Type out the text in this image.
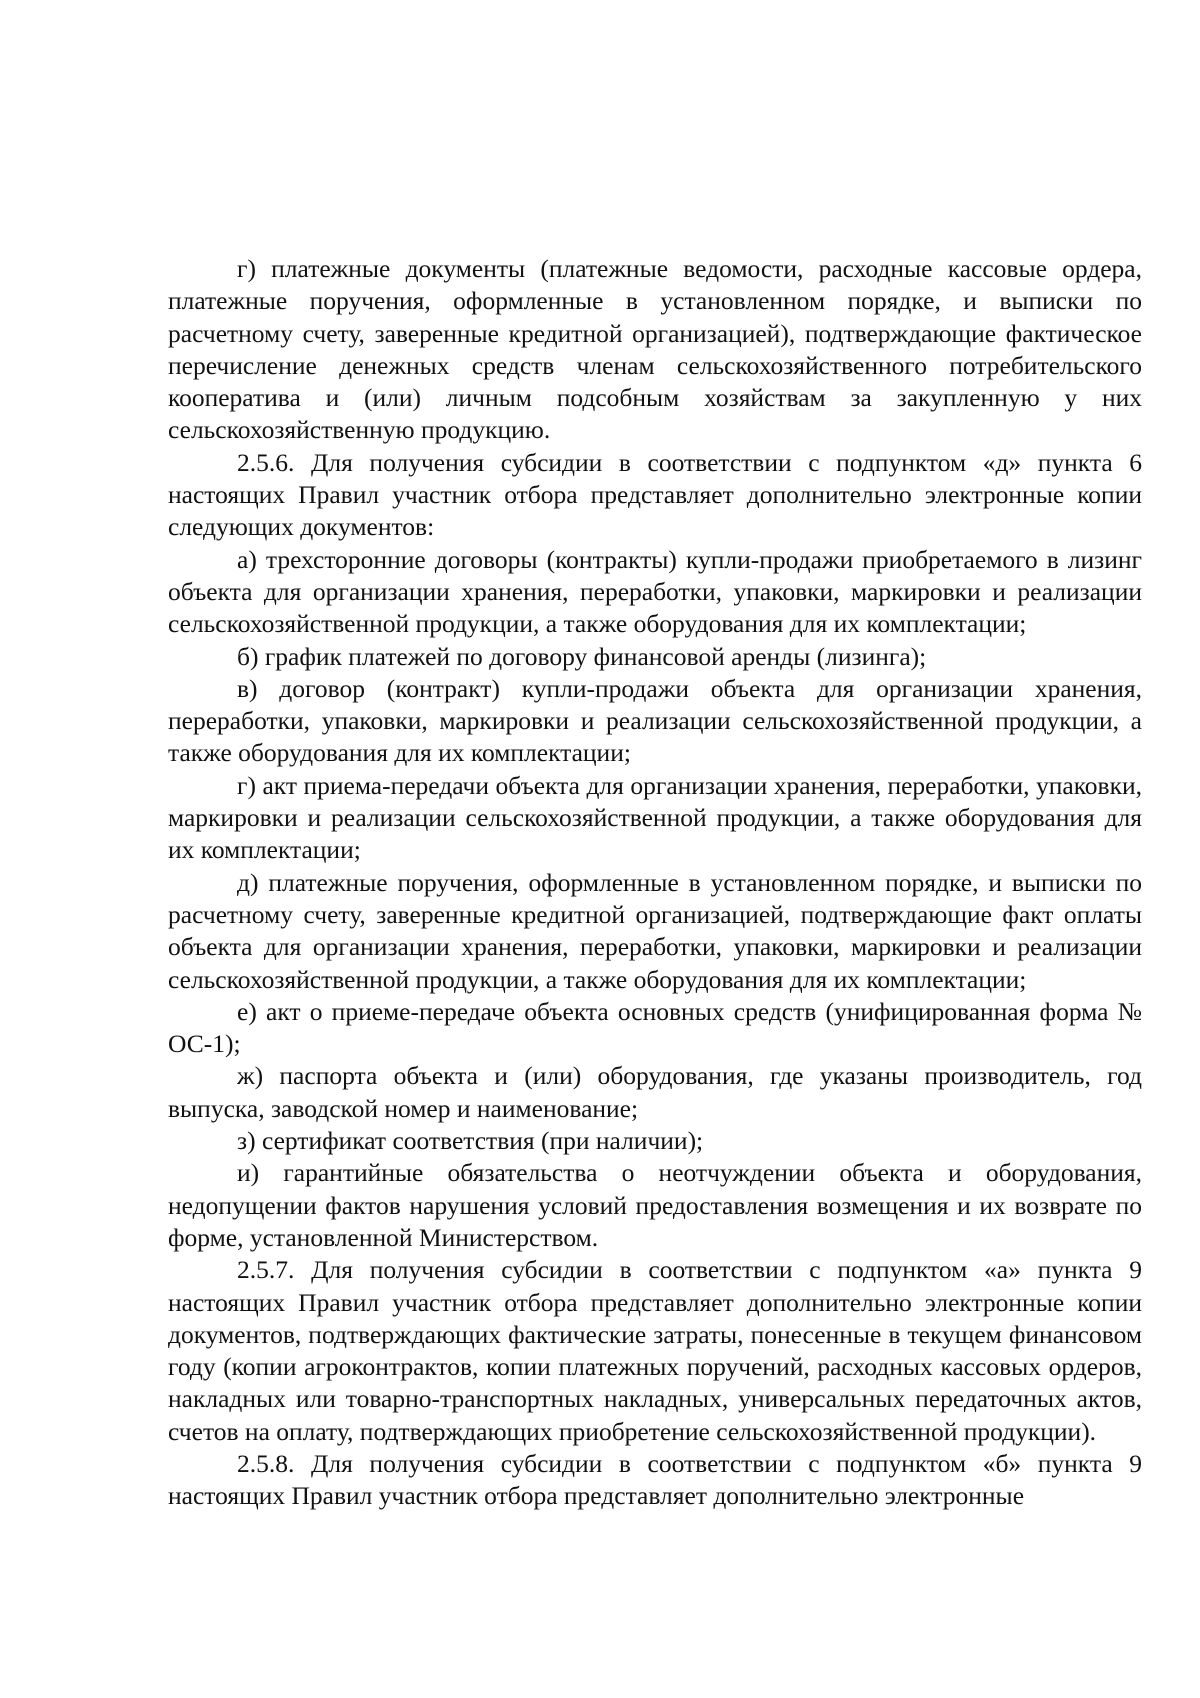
г) платежные документы (платежные ведомости, расходные кассовые ордера, платежные поручения, оформленные в установленном порядке, и выписки по расчетному счету, заверенные кредитной организацией), подтверждающие фактическое перечисление денежных средств членам сельскохозяйственного потребительского кооператива и (или) личным подсобным хозяйствам за закупленную у них сельскохозяйственную продукцию.

2.5.6. Для получения субсидии в соответствии с подпунктом «д» пункта 6 настоящих Правил участник отбора представляет дополнительно электронные копии следующих документов:

а) трехсторонние договоры (контракты) купли-продажи приобретаемого в лизинг объекта для организации хранения, переработки, упаковки, маркировки и реализации сельскохозяйственной продукции, а также оборудования для их комплектации;

б) график платежей по договору финансовой аренды (лизинга);

в) договор (контракт) купли-продажи объекта для организации хранения, переработки, упаковки, маркировки и реализации сельскохозяйственной продукции, а также оборудования для их комплектации;

г) акт приема-передачи объекта для организации хранения, переработки, упаковки, маркировки и реализации сельскохозяйственной продукции, а также оборудования для их комплектации;

д) платежные поручения, оформленные в установленном порядке, и выписки по расчетному счету, заверенные кредитной организацией, подтверждающие факт оплаты объекта для организации хранения, переработки, упаковки, маркировки и реализации сельскохозяйственной продукции, а также оборудования для их комплектации;

е) акт о приеме-передаче объекта основных средств (унифицированная форма № ОС-1);

ж) паспорта объекта и (или) оборудования, где указаны производитель, год выпуска, заводской номер и наименование;

з) сертификат соответствия (при наличии);

и) гарантийные обязательства о неотчуждении объекта и оборудования, недопущении фактов нарушения условий предоставления возмещения и их возврате по форме, установленной Министерством.

2.5.7. Для получения субсидии в соответствии с подпунктом «а» пункта 9 настоящих Правил участник отбора представляет дополнительно электронные копии документов, подтверждающих фактические затраты, понесенные в текущем финансовом году (копии агроконтрактов, копии платежных поручений, расходных кассовых ордеров, накладных или товарно-транспортных накладных, универсальных передаточных актов, счетов на оплату, подтверждающих приобретение сельскохозяйственной продукции).

2.5.8. Для получения субсидии в соответствии с подпунктом «б» пункта 9 настоящих Правил участник отбора представляет дополнительно электронные
